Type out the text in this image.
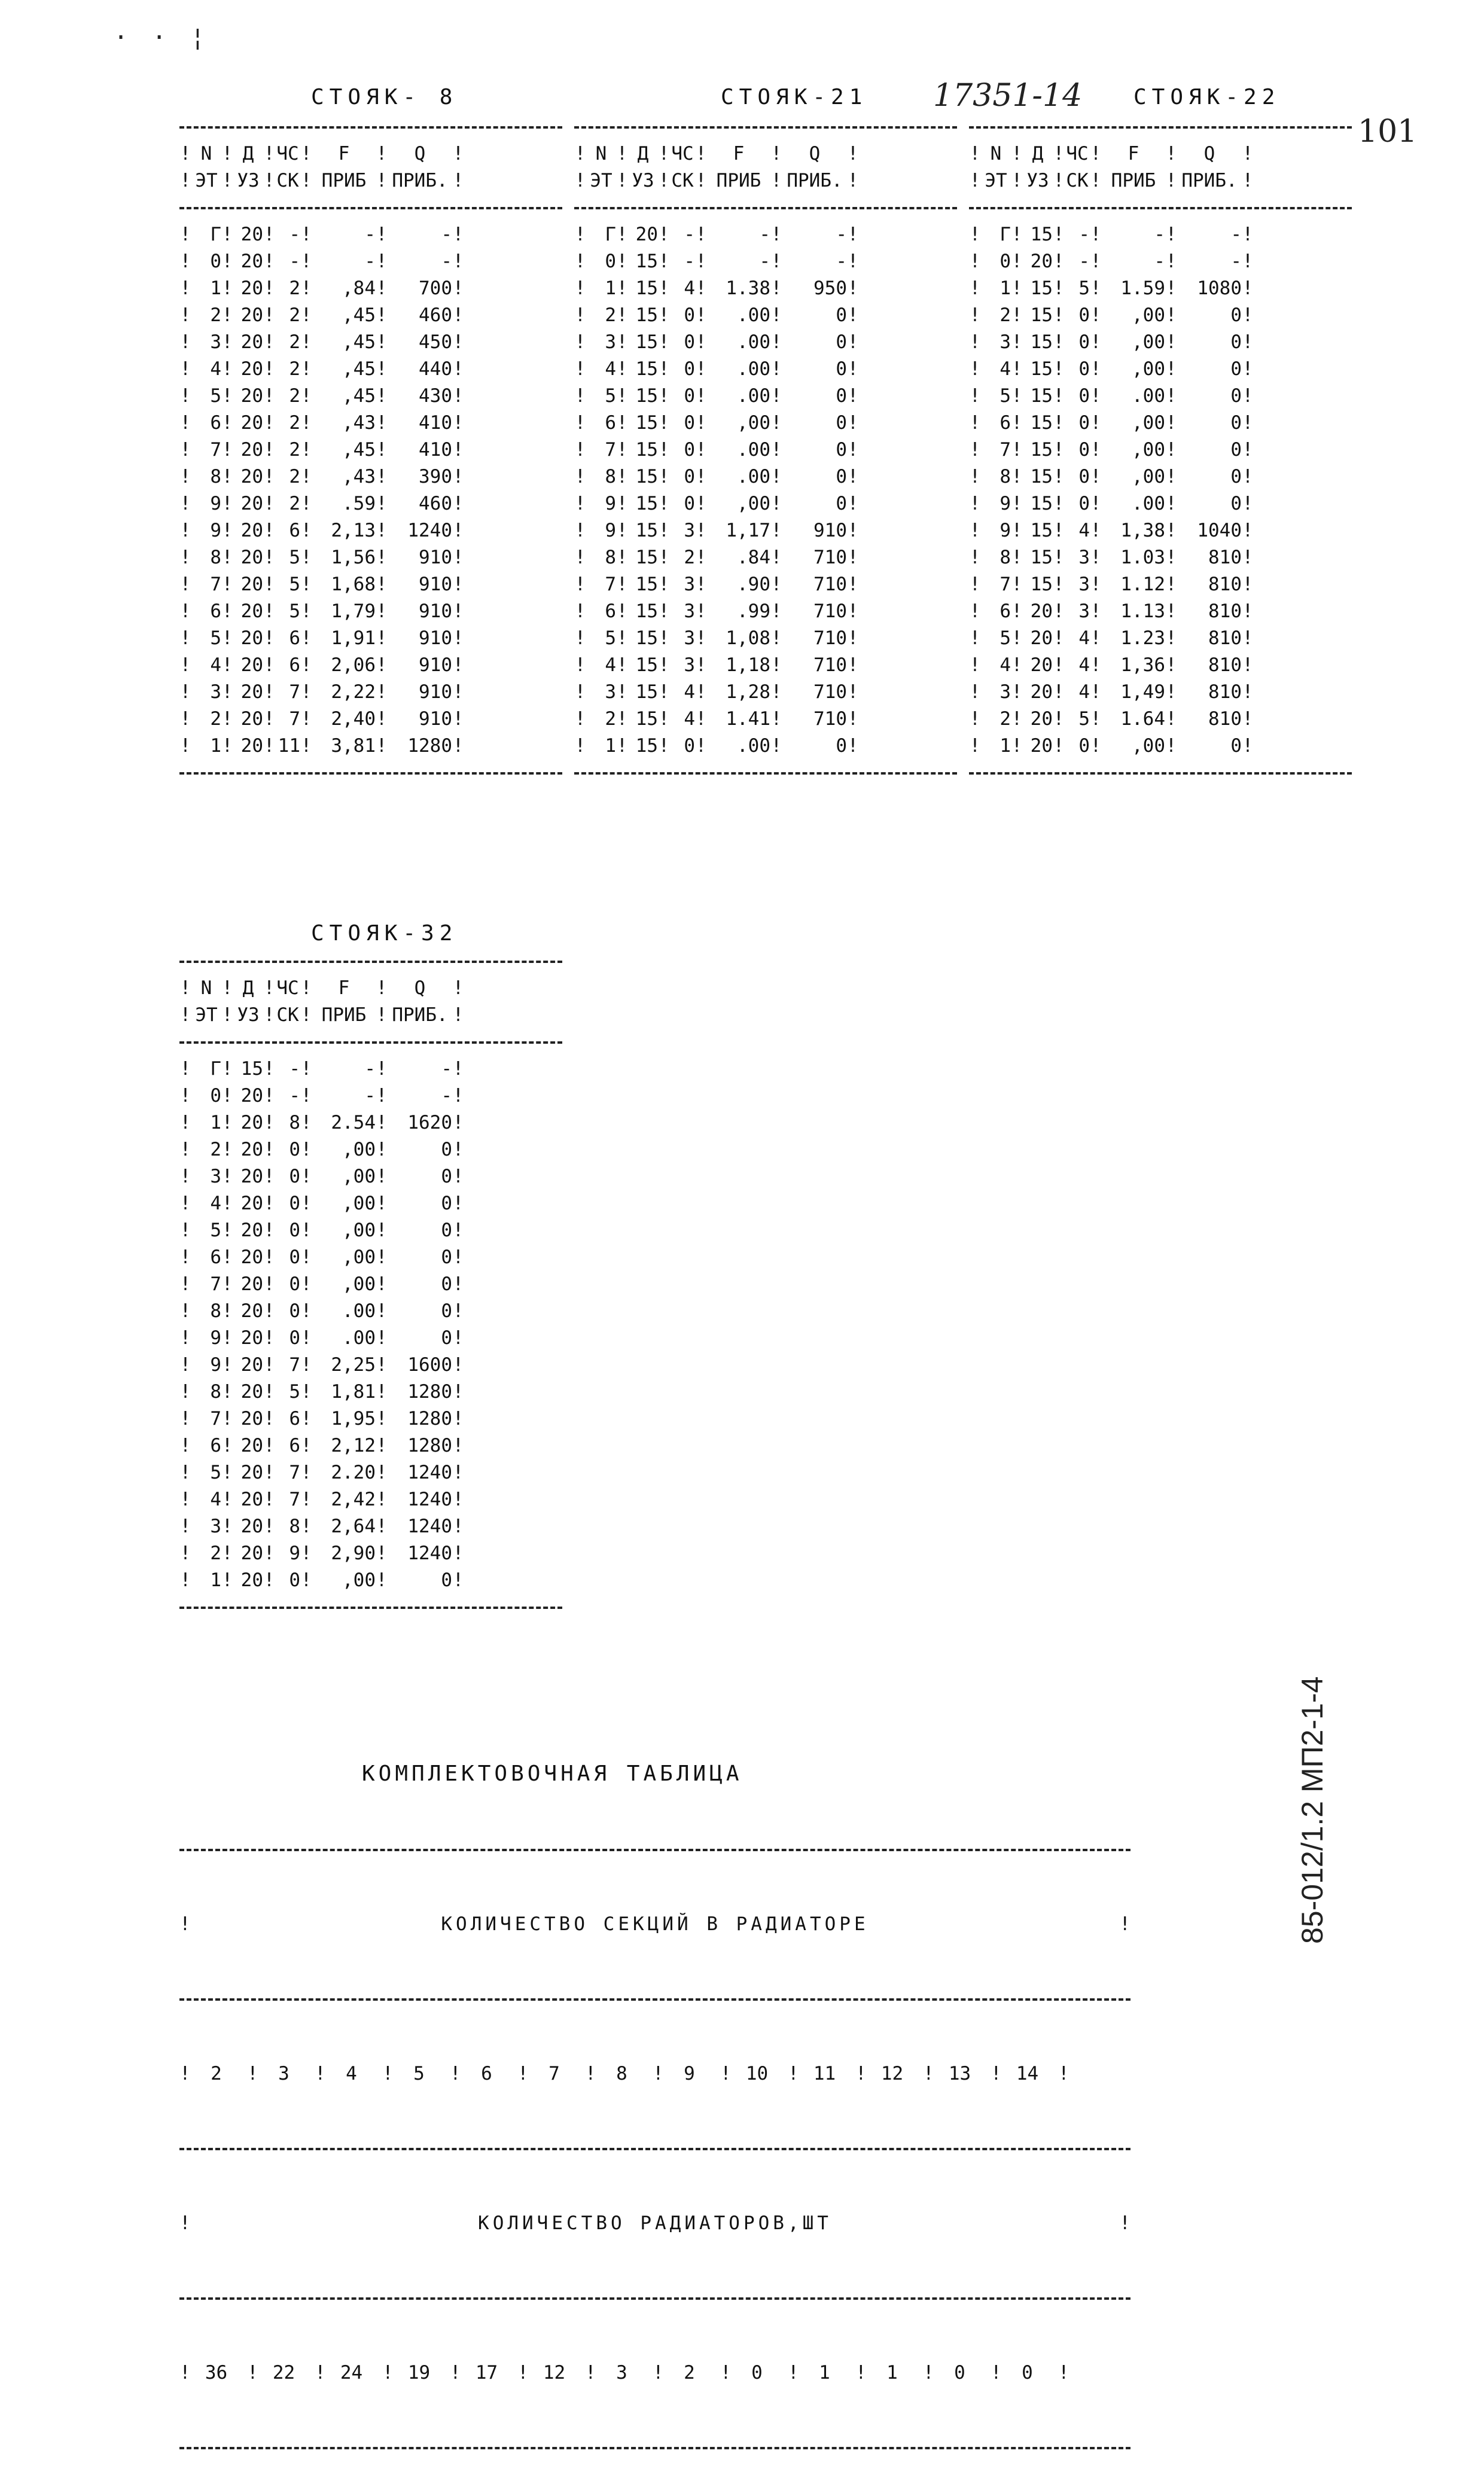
· · ¦
17351-14
101
СТОЯК- 8	СТОЯК-21	СТОЯК-22
СТОЯК-32
! N ! Д !ЧС! F ! Q !
! ЭТ ! УЗ !СК! ПРИБ ! ПРИБ. !
! Г! 20! -!	-!	-!
! 0! 20! -!	-!	-!
! 1! 20! 2! ,84! 700!
! 2! 20! 2! ,45! 460!
! 3! 20! 2! ,45! 450!
! 4! 20! 2! ,45! 440!
! 5! 20! 2! ,45! 430!
! 6! 20! 2! ,43! 410!
! 7! 20! 2! ,45! 410!
! 8! 20! 2! ,43! 390!
! 9! 20! 2! .59! 460!
! 9! 20! 6! 2,13! 1240!
! 8! 20! 5! 1,56! 910!
! 7! 20! 5! 1,68! 910!
! 6! 20! 5! 1,79! 910!
! 5! 20! 6! 1,91! 910!
! 4! 20! 6! 2,06! 910!
! 3! 20! 7! 2,22! 910!
! 2! 20! 7! 2,40! 910!
! 1! 20! 11! 3,81! 1280!
! N ! Д !ЧС! F ! Q !
! ЭТ ! УЗ !СК! ПРИБ ! ПРИБ. !
! Г! 20! -!	-!	-!
! 0! 15! -!	-!	-!
! 1! 15! 4! 1.38! 950!
! 2! 15! 0! .00!	0!
! 3! 15! 0! .00!	0!
! 4! 15! 0! .00!	0!
! 5! 15! 0! .00!	0!
! 6! 15! 0! ,00!	0!
! 7! 15! 0! .00!	0!
! 8! 15! 0! .00!	0!
! 9! 15! 0! ,00!	0!
! 9! 15! 3! 1,17! 910!
! 8! 15! 2! .84! 710!
! 7! 15! 3! .90! 710!
! 6! 15! 3! .99! 710!
! 5! 15! 3! 1,08! 710!
! 4! 15! 3! 1,18! 710!
! 3! 15! 4! 1,28! 710!
! 2! 15! 4! 1.41! 710!
! 1! 15! 0! .00!	0!
! N ! Д !ЧС! F ! Q !
! ЭТ ! УЗ !СК! ПРИБ ! ПРИБ. !
! Г! 15! -!	-!	-!
! 0! 20! -!	-!	-!
! 1! 15! 5! 1.59! 1080!
! 2! 15! 0! ,00!	0!
! 3! 15! 0! ,00!	0!
! 4! 15! 0! ,00!	0!
! 5! 15! 0! .00!	0!
! 6! 15! 0! ,00!	0!
! 7! 15! 0! ,00!	0!
! 8! 15! 0! ,00!	0!
! 9! 15! 0! .00!	0!
! 9! 15! 4! 1,38! 1040!
! 8! 15! 3! 1.03! 810!
! 7! 15! 3! 1.12! 810!
! 6! 20! 3! 1.13! 810!
! 5! 20! 4! 1.23! 810!
! 4! 20! 4! 1,36! 810!
! 3! 20! 4! 1,49! 810!
! 2! 20! 5! 1.64! 810!
! 1! 20! 0! ,00!	0!
! N ! Д !ЧС! F ! Q !
! ЭТ ! УЗ !СК! ПРИБ ! ПРИБ. !
! Г! 15! -!	-!	-!
! 0! 20! -!	-!	-!
! 1! 20! 8! 2.54! 1620!
! 2! 20! 0! ,00!	0!
! 3! 20! 0! ,00!	0!
! 4! 20! 0! ,00!	0!
! 5! 20! 0! ,00!	0!
! 6! 20! 0! ,00!	0!
! 7! 20! 0! ,00!	0!
! 8! 20! 0! .00!	0!
! 9! 20! 0! .00!	0!
! 9! 20! 7! 2,25! 1600!
! 8! 20! 5! 1,81! 1280!
! 7! 20! 6! 1,95! 1280!
! 6! 20! 6! 2,12! 1280!
! 5! 20! 7! 2.20! 1240!
! 4! 20! 7! 2,42! 1240!
! 3! 20! 8! 2,64! 1240!
! 2! 20! 9! 2,90! 1240!
! 1! 20! 0! ,00!	0!
КОМПЛЕКТОВОЧНАЯ ТАБЛИЦА

!	КОЛИЧЕСТВО СЕКЦИЙ В РАДИАТОРЕ	!

!	2	!	3	!	4	!	5	!	6	!	7	!	8	!	9	! 10	! 11	! 12	! 13	! 14	!

!	КОЛИЧЕСТВО РАДИАТОРОВ,ШТ	!

! 36	! 22	! 24	! 19	! 17	! 12	!	3	!	2	!	0	!	1	!	1	!	0	!	0	!

85-012/1.2 МП2-1-4
